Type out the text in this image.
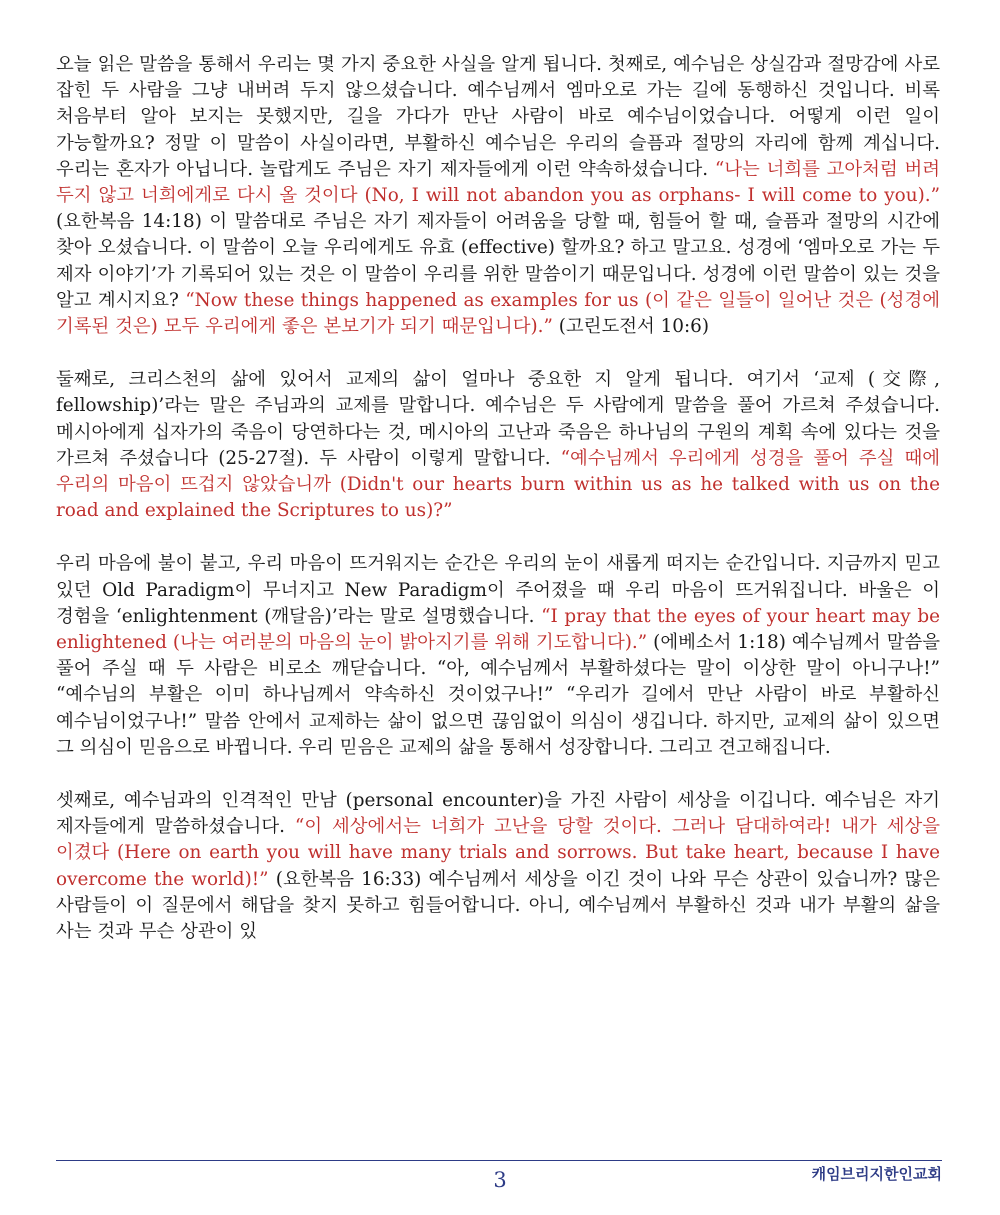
오늘 읽은 말씀을 통해서 우리는 몇 가지 중요한 사실을 알게 됩니다. 첫째로, 예수님은 상실감과 절망감에 사로 잡힌 두 사람을 그냥 내버려 두지 않으셨습니다. 예수님께서 엠마오로 가는 길에 동행하신 것입니다. 비록 처음부터 알아 보지는 못했지만, 길을 가다가 만난 사람이 바로 예수님이었습니다. 어떻게 이런 일이 가능할까요? 정말 이 말씀이 사실이라면, 부활하신 예수님은 우리의 슬픔과 절망의 자리에 함께 계십니다. 우리는 혼자가 아닙니다. 놀랍게도 주님은 자기 제자들에게 이런 약속하셨습니다. “나는 너희를 고아처럼 버려 두지 않고 너희에게로 다시 올 것이다 (No, I will not abandon you as orphans- I will come to you).” (요한복음 14:18) 이 말씀대로 주님은 자기 제자들이 어려움을 당할 때, 힘들어 할 때, 슬픔과 절망의 시간에 찾아 오셨습니다. 이 말씀이 오늘 우리에게도 유효 (effective) 할까요? 하고 말고요. 성경에 ‘엠마오로 가는 두 제자 이야기’가 기록되어 있는 것은 이 말씀이 우리를 위한 말씀이기 때문입니다. 성경에 이런 말씀이 있는 것을 알고 계시지요? “Now these things happened as examples for us (이 같은 일들이 일어난 것은 (성경에 기록된 것은) 모두 우리에게 좋은 본보기가 되기 때문입니다).” (고린도전서 10:6)

둘째로, 크리스천의 삶에 있어서 교제의 삶이 얼마나 중요한 지 알게 됩니다. 여기서 ‘교제 (交際, fellowship)’라는 말은 주님과의 교제를 말합니다. 예수님은 두 사람에게 말씀을 풀어 가르쳐 주셨습니다. 메시아에게 십자가의 죽음이 당연하다는 것, 메시아의 고난과 죽음은 하나님의 구원의 계획 속에 있다는 것을 가르쳐 주셨습니다 (25-27절). 두 사람이 이렇게 말합니다. “예수님께서 우리에게 성경을 풀어 주실 때에 우리의 마음이 뜨겁지 않았습니까 (Didn't our hearts burn within us as he talked with us on the road and explained the Scriptures to us)?”

우리 마음에 불이 붙고, 우리 마음이 뜨거워지는 순간은 우리의 눈이 새롭게 떠지는 순간입니다. 지금까지 믿고 있던 Old Paradigm이 무너지고 New Paradigm이 주어졌을 때 우리 마음이 뜨거워집니다. 바울은 이 경험을 ‘enlightenment (깨달음)’라는 말로 설명했습니다. “I pray that the eyes of your heart may be enlightened (나는 여러분의 마음의 눈이 밝아지기를 위해 기도합니다).” (에베소서 1:18) 예수님께서 말씀을 풀어 주실 때 두 사람은 비로소 깨닫습니다. “아, 예수님께서 부활하셨다는 말이 이상한 말이 아니구나!” “예수님의 부활은 이미 하나님께서 약속하신 것이었구나!” “우리가 길에서 만난 사람이 바로 부활하신 예수님이었구나!” 말씀 안에서 교제하는 삶이 없으면 끊임없이 의심이 생깁니다. 하지만, 교제의 삶이 있으면 그 의심이 믿음으로 바뀝니다. 우리 믿음은 교제의 삶을 통해서 성장합니다. 그리고 견고해집니다.

셋째로, 예수님과의 인격적인 만남 (personal encounter)을 가진 사람이 세상을 이깁니다. 예수님은 자기 제자들에게 말씀하셨습니다. “이 세상에서는 너희가 고난을 당할 것이다. 그러나 담대하여라! 내가 세상을 이겼다 (Here on earth you will have many trials and sorrows. But take heart, because I have overcome the world)!” (요한복음 16:33) 예수님께서 세상을 이긴 것이 나와 무슨 상관이 있습니까? 많은 사람들이 이 질문에서 해답을 찾지 못하고 힘들어합니다. 아니, 예수님께서 부활하신 것과 내가 부활의 삶을 사는 것과 무슨 상관이 있

3	캐임브리지한인교회
